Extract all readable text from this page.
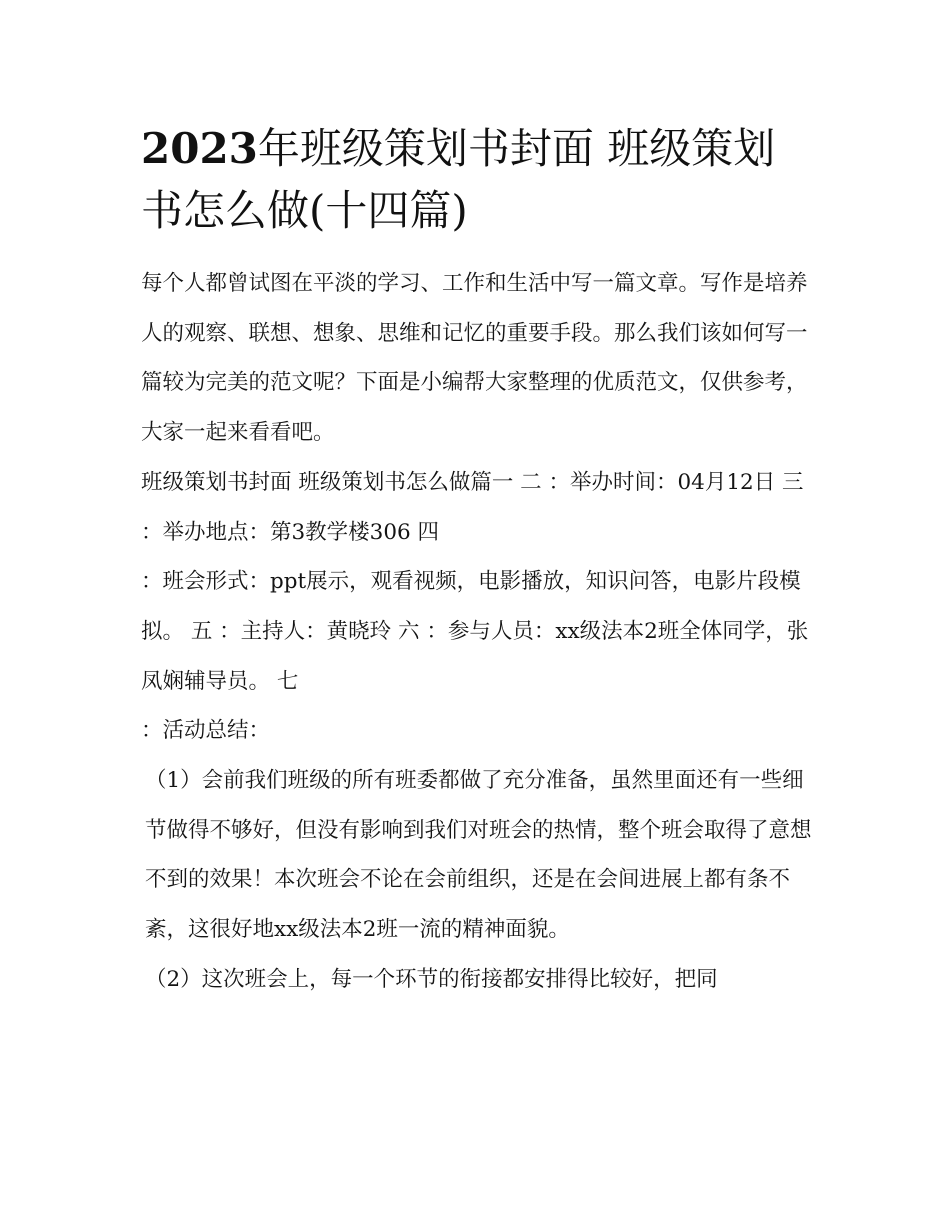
2023年班级策划书封面 班级策划书怎么做(十四篇)

每个人都曾试图在平淡的学习、工作和生活中写一篇文章。写作是培养人的观察、联想、想象、思维和记忆的重要手段。那么我们该如何写一篇较为完美的范文呢？下面是小编帮大家整理的优质范文，仅供参考，大家一起来看看吧。

班级策划书封面 班级策划书怎么做篇一 二 ：举办时间：04月12日 三 ：举办地点：第3教学楼306 四

：班会形式：ppt展示，观看视频，电影播放，知识问答，电影片段模拟。 五 ：主持人：黄晓玲 六 ：参与人员：xx级法本2班全体同学，张凤娴辅导员。 七

：活动总结：

（1）会前我们班级的所有班委都做了充分准备，虽然里面还有一些细节做得不够好，但没有影响到我们对班会的热情，整个班会取得了意想不到的效果！本次班会不论在会前组织，还是在会间进展上都有条不紊，这很好地xx级法本2班一流的精神面貌。

（2）这次班会上，每一个环节的衔接都安排得比较好，把同
